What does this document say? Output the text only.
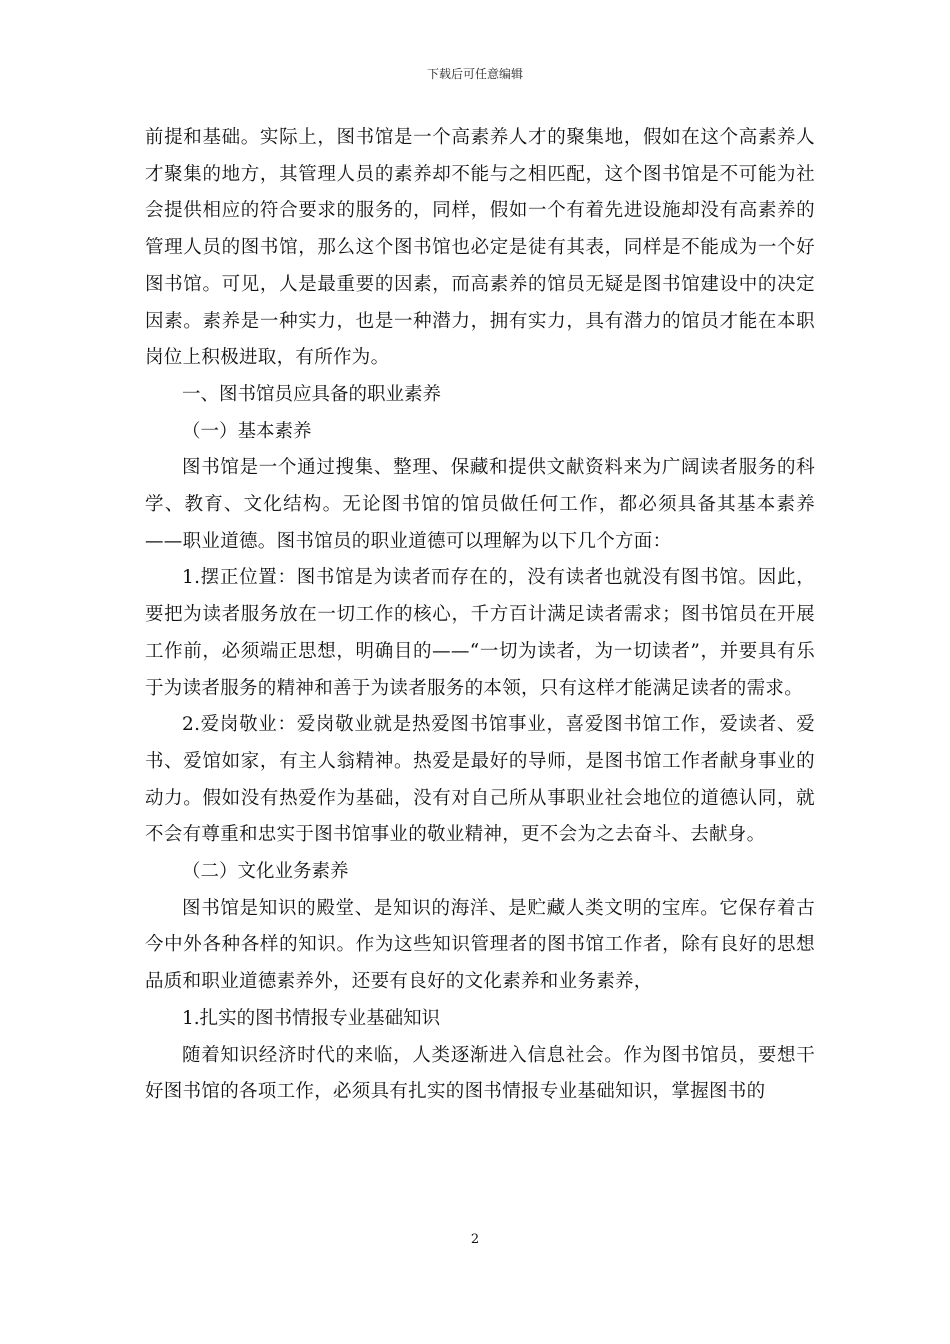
下载后可任意编辑

前提和基础。实际上，图书馆是一个高素养人才的聚集地，假如在这个高素养人才聚集的地方，其管理人员的素养却不能与之相匹配，这个图书馆是不可能为社会提供相应的符合要求的服务的，同样，假如一个有着先进设施却没有高素养的管理人员的图书馆，那么这个图书馆也必定是徒有其表，同样是不能成为一个好图书馆。可见，人是最重要的因素，而高素养的馆员无疑是图书馆建设中的决定因素。素养是一种实力，也是一种潜力，拥有实力，具有潜力的馆员才能在本职岗位上积极进取，有所作为。

一、图书馆员应具备的职业素养

（一）基本素养

图书馆是一个通过搜集、整理、保藏和提供文献资料来为广阔读者服务的科学、教育、文化结构。无论图书馆的馆员做任何工作，都必须具备其基本素养——职业道德。图书馆员的职业道德可以理解为以下几个方面：

1.摆正位置：图书馆是为读者而存在的，没有读者也就没有图书馆。因此，要把为读者服务放在一切工作的核心，千方百计满足读者需求；图书馆员在开展工作前，必须端正思想，明确目的——“一切为读者，为一切读者”，并要具有乐于为读者服务的精神和善于为读者服务的本领，只有这样才能满足读者的需求。

2.爱岗敬业：爱岗敬业就是热爱图书馆事业，喜爱图书馆工作，爱读者、爱书、爱馆如家，有主人翁精神。热爱是最好的导师，是图书馆工作者献身事业的动力。假如没有热爱作为基础，没有对自己所从事职业社会地位的道德认同，就不会有尊重和忠实于图书馆事业的敬业精神，更不会为之去奋斗、去献身。

（二）文化业务素养

图书馆是知识的殿堂、是知识的海洋、是贮藏人类文明的宝库。它保存着古今中外各种各样的知识。作为这些知识管理者的图书馆工作者，除有良好的思想品质和职业道德素养外，还要有良好的文化素养和业务素养，

1.扎实的图书情报专业基础知识

随着知识经济时代的来临，人类逐渐进入信息社会。作为图书馆员，要想干好图书馆的各项工作，必须具有扎实的图书情报专业基础知识，掌握图书的

2
